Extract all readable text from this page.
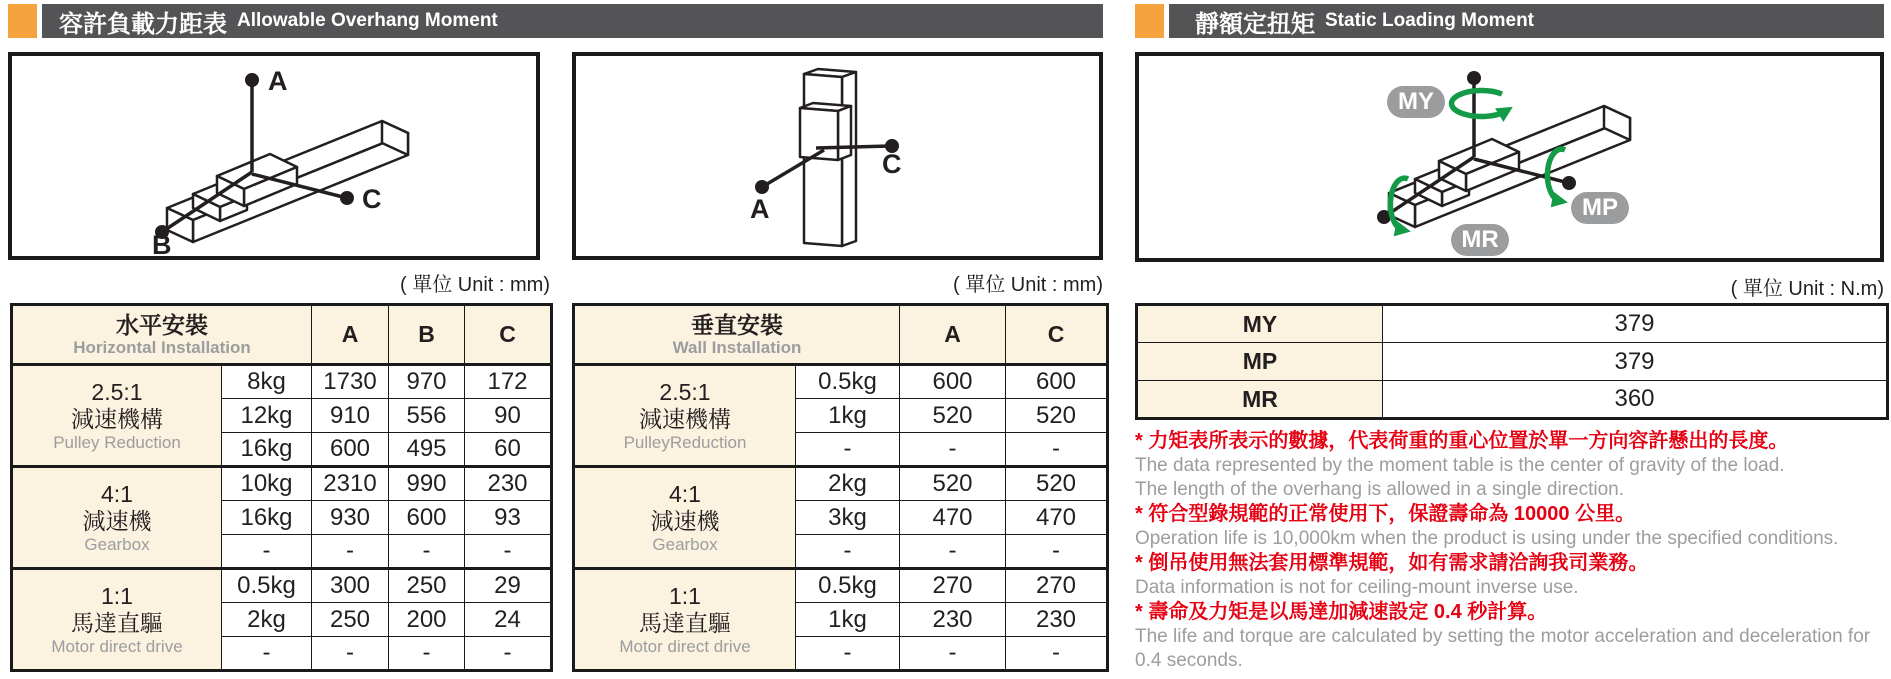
容許負載力距表 Allowable Overhang Moment	靜額定扭矩 Static Loading Moment
A
B
C	A
C
MY
MP
MR
( 單位 Unit : mm)	( 單位 Unit : mm)	( 單位 Unit : N.m)
水平安裝
Horizontal Installation		A	B	C

2.5:1
減速機構
Pulley Reduction	8kg	1730	970	172
	12kg	910	556	90
	16kg	600	495	60

4:1
減速機
Gearbox	10kg	2310	990	230
	16kg	930	600	93
	-	-	-	-

1:1
馬達直驅
Motor direct drive	0.5kg	300	250	29
	2kg	250	200	24
	-	-	-	-
垂直安裝
Wall Installation		A	C

2.5:1
減速機構
PulleyReduction	0.5kg	600	600
	1kg	520	520
	-	-	-

4:1
減速機
Gearbox	2kg	520	520
	3kg	470	470
	-	-	-

1:1
馬達直驅
Motor direct drive	0.5kg	270	270
	1kg	230	230
	-	-	-
MY	379
MP	379
MR	360
* 力矩表所表示的數據，代表荷重的重心位置於單一方向容許懸出的長度。
The data represented by the moment table is the center of gravity of the load.
The length of the overhang is allowed in a single direction.
* 符合型錄規範的正常使用下，保證壽命為 10000 公里。
Operation life is 10,000km when the product is using under the specified conditions.
* 倒吊使用無法套用標準規範，如有需求請洽詢我司業務。
Data information is not for ceiling-mount inverse use.
* 壽命及力矩是以馬達加減速設定 0.4 秒計算。
The life and torque are calculated by setting the motor acceleration and deceleration for 0.4 seconds.
